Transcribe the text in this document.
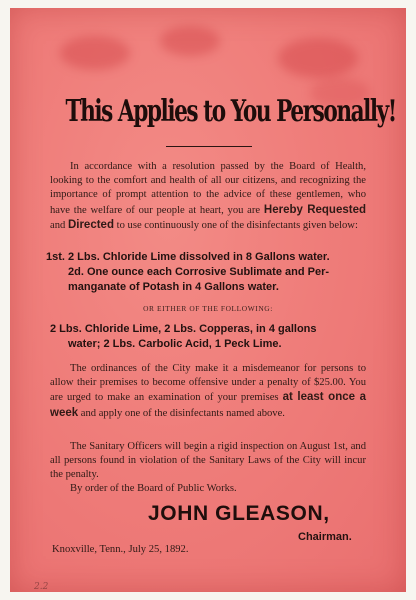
This Applies to You Personally!
In accordance with a resolution passed by the Board of Health, looking to the comfort and health of all our citizens, and recognizing the importance of prompt attention to the advice of these gentlemen, who have the welfare of our people at heart, you are Hereby Requested and Directed to use continuously one of the disinfectants given below:
1st. 2 Lbs. Chloride Lime dissolved in 8 Gallons water.
2d. One ounce each Corrosive Sublimate and Per-
manganate of Potash in 4 Gallons water.
OR EITHER OF THE FOLLOWING:
2 Lbs. Chloride Lime, 2 Lbs. Copperas, in 4 gallons
water; 2 Lbs. Carbolic Acid, 1 Peck Lime.
The ordinances of the City make it a misdemeanor for persons to allow their premises to become offensive under a penalty of $25.00. You are urged to make an examination of your premises at least once a week and apply one of the disinfectants named above.
The Sanitary Officers will begin a rigid inspection on August 1st, and all persons found in violation of the Sanitary Laws of the City will incur the penalty.
By order of the Board of Public Works.
JOHN GLEASON,
Chairman.
Knoxville, Tenn., July 25, 1892.
2.2
